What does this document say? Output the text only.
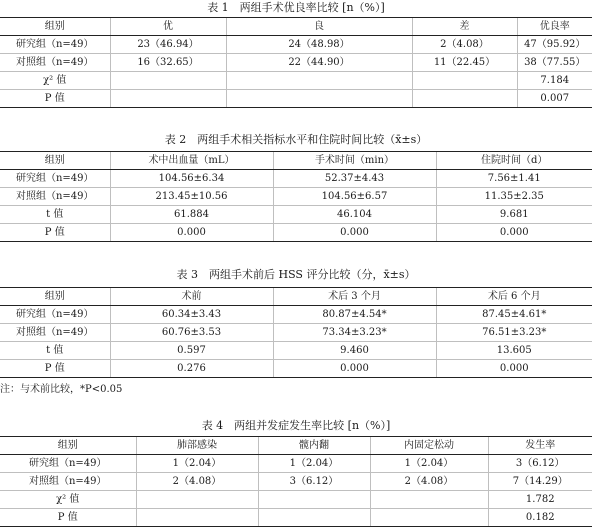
表 1　两组手术优良率比较 [n（%）]
组别	优	良	差	优良率
研究组（n=49）	23（46.94）	24（48.98）	2（4.08）	47（95.92）
对照组（n=49）	16（32.65）	22（44.90）	11（22.45）	38（77.55）
χ² 值				7.184
P 值				0.007
表 2　两组手术相关指标水平和住院时间比较（x̄±s）
组别	术中出血量（mL）	手术时间（min）	住院时间（d）
研究组（n=49）	104.56±6.34	52.37±4.43	7.56±1.41
对照组（n=49）	213.45±10.56	104.56±6.57	11.35±2.35
t 值	61.884	46.104	9.681
P 值	0.000	0.000	0.000
表 3　两组手术前后 HSS 评分比较（分，x̄±s）
组别	术前	术后 3 个月	术后 6 个月
研究组（n=49）	60.34±3.43	80.87±4.54*	87.45±4.61*
对照组（n=49）	60.76±3.53	73.34±3.23*	76.51±3.23*
t 值	0.597	9.460	13.605
P 值	0.276	0.000	0.000
注：与术前比较，*P<0.05
表 4　两组并发症发生率比较 [n（%）]
组别	肺部感染	髋内翻	内固定松动	发生率
研究组（n=49）	1（2.04）	1（2.04）	1（2.04）	3（6.12）
对照组（n=49）	2（4.08）	3（6.12）	2（4.08）	7（14.29）
χ² 值				1.782
P 值				0.182
